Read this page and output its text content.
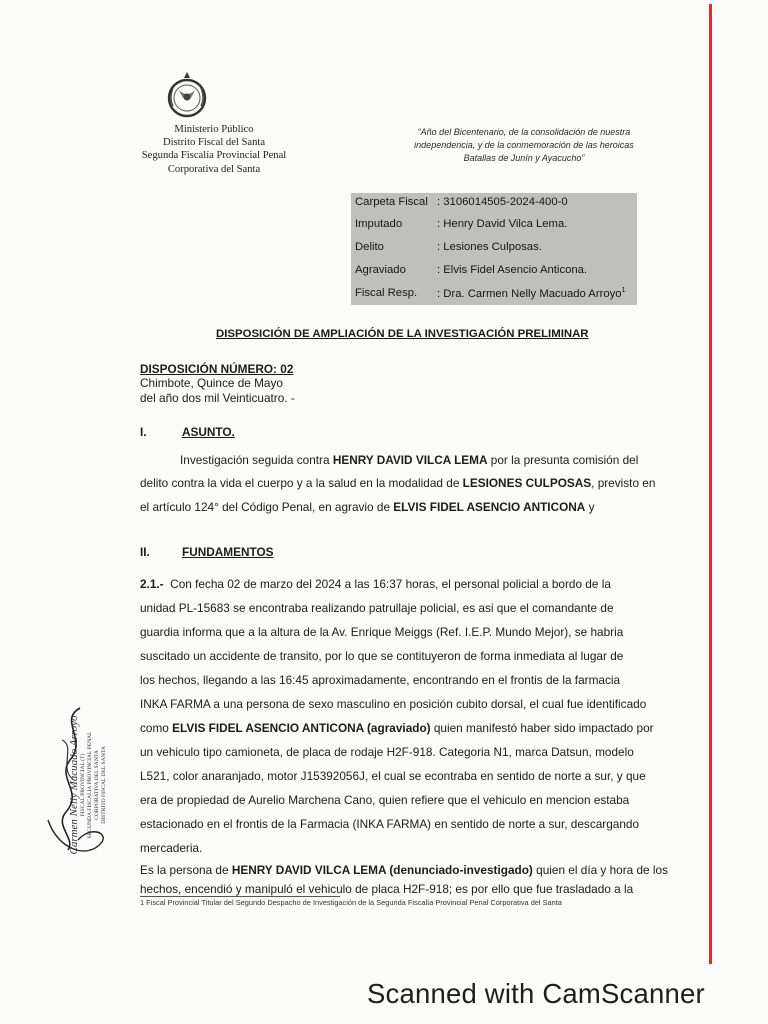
Ministerio Público
Distrito Fiscal del Santa
Segunda Fiscalía Provincial Penal
Corporativa del Santa
“Año del Bicentenario, de la consolidación de nuestra
independencia, y de la conmemoración de las heroicas
Batallas de Junín y Ayacucho”
Carpeta Fiscal : 3106014505-2024-400-0
Imputado	: Henry David Vilca Lema.
Delito	: Lesiones Culposas.
Agraviado	: Elvis Fidel Asencio Anticona.
Fiscal Resp.	: Dra. Carmen Nelly Macuado Arroyo$^1$
DISPOSICIÓN DE AMPLIACIÓN DE LA INVESTIGACIÓN PRELIMINAR
DISPOSICIÓN NÚMERO: 02
Chimbote, Quince de Mayo
del año dos mil Veinticuatro. -
I.	ASUNTO.
Investigación seguida contra HENRY DAVID VILCA LEMA por la presunta comisión del
delito contra la vida el cuerpo y a la salud en la modalidad de LESIONES CULPOSAS, previsto en
el artículo 124° del Código Penal, en agravio de ELVIS FIDEL ASENCIO ANTICONA y
II.	FUNDAMENTOS
2.1.- Con fecha 02 de marzo del 2024 a las 16:37 horas, el personal policial a bordo de la
unidad PL-15683 se encontraba realizando patrullaje policial, es asi que el comandante de
guardia informa que a la altura de la Av. Enrique Meiggs (Ref. I.E.P. Mundo Mejor), se habria
suscitado un accidente de transito, por lo que se contituyeron de forma inmediata al lugar de
los hechos, llegando a las 16:45 aproximadamente, encontrando en el frontis de la farmacia
INKA FARMA a una persona de sexo masculino en posición cubito dorsal, el cual fue identificado
como ELVIS FIDEL ASENCIO ANTICONA (agraviado) quien manifestó haber sido impactado por
un vehiculo tipo camioneta, de placa de rodaje H2F-918. Categoria N1, marca Datsun, modelo
L521, color anaranjado, motor J15392056J, el cual se econtraba en sentido de norte a sur, y que
era de propiedad de Aurelio Marchena Cano, quien refiere que el vehiculo en mencion estaba
estacionado en el frontis de la Farmacia (INKA FARMA) en sentido de norte a sur, descargando
mercaderia.
Es la persona de HENRY DAVID VILCA LEMA (denunciado-investigado) quien el día y hora de los
hechos, encendió y manipuló el vehiculo de placa H2F-918; es por ello que fue trasladado a la
1 Fiscal Provincial Titular del Segundo Despacho de Investigación de la Segunda Fiscalía Provincial Penal Corporativa del Santa
Carmen Nelly Macuado Arroyo FISCAL PROVINCIAL (T) SEGUNDA FISCALIA PROVINCIAL PENAL CORPORATIVA DEL SANTA DISTRITO FISCAL DEL SANTA
Scanned with CamScanner
